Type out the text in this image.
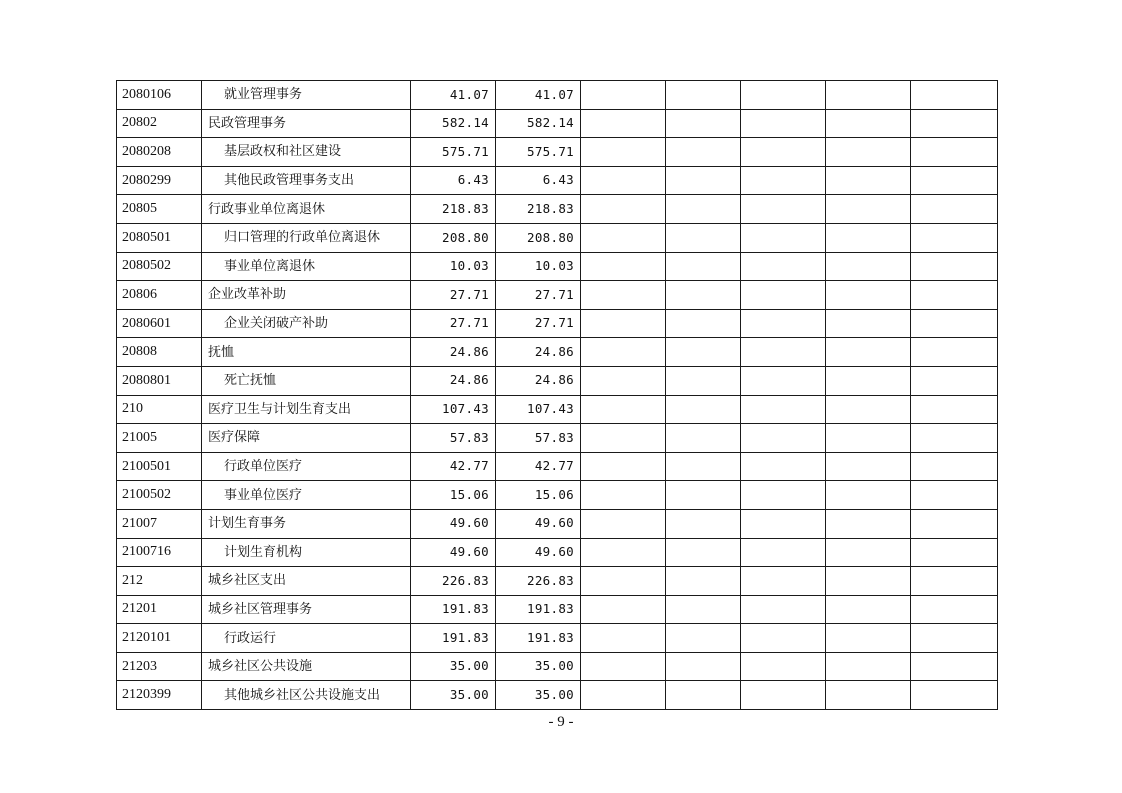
2080106	就业管理事务	41.07	41.07					
20802	民政管理事务	582.14	582.14					
2080208	基层政权和社区建设	575.71	575.71					
2080299	其他民政管理事务支出	6.43	6.43					
20805	行政事业单位离退休	218.83	218.83					
2080501	归口管理的行政单位离退休	208.80	208.80					
2080502	事业单位离退休	10.03	10.03					
20806	企业改革补助	27.71	27.71					
2080601	企业关闭破产补助	27.71	27.71					
20808	抚恤	24.86	24.86					
2080801	死亡抚恤	24.86	24.86					
210	医疗卫生与计划生育支出	107.43	107.43					
21005	医疗保障	57.83	57.83					
2100501	行政单位医疗	42.77	42.77					
2100502	事业单位医疗	15.06	15.06					
21007	计划生育事务	49.60	49.60					
2100716	计划生育机构	49.60	49.60					
212	城乡社区支出	226.83	226.83					
21201	城乡社区管理事务	191.83	191.83					
2120101	行政运行	191.83	191.83					
21203	城乡社区公共设施	35.00	35.00					
2120399	其他城乡社区公共设施支出	35.00	35.00					
- 9 -
